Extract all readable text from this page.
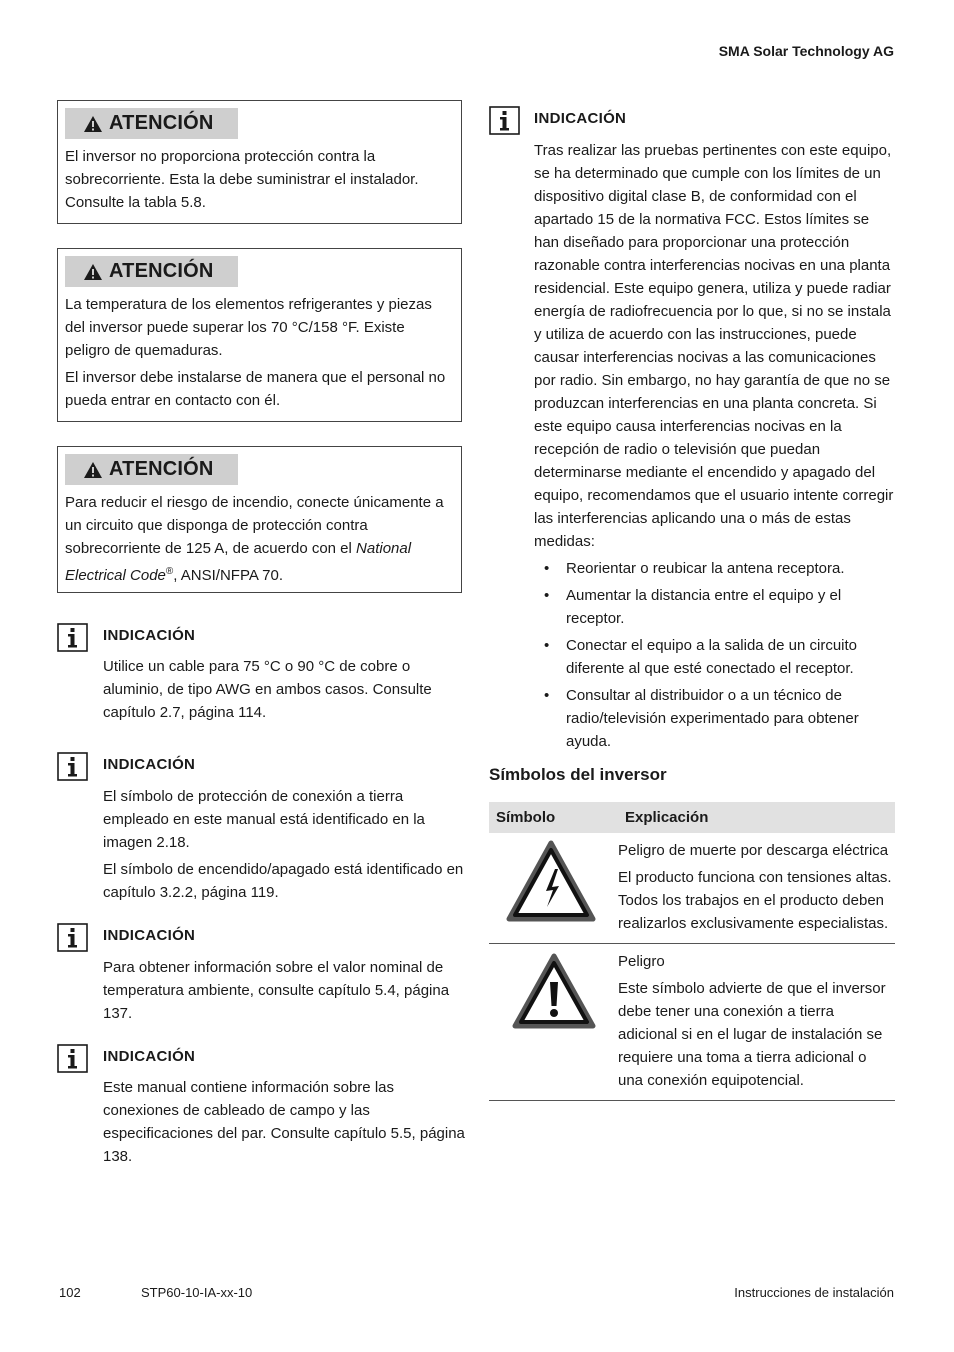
SMA Solar Technology AG
ATENCIÓN

El inversor no proporciona protección contra la sobrecorriente. Esta la debe suministrar el instalador. Consulte la tabla 5.8.

ATENCIÓN

La temperatura de los elementos refrigerantes y piezas del inversor puede superar los 70 °C/158 °F. Existe peligro de quemaduras.

El inversor debe instalarse de manera que el personal no pueda entrar en contacto con él.

ATENCIÓN

Para reducir el riesgo de incendio, conecte únicamente a un circuito que disponga de protección contra sobrecorriente de 125 A, de acuerdo con el National Electrical Code®, ANSI/NFPA 70.

INDICACIÓN

Utilice un cable para 75 °C o 90 °C de cobre o aluminio, de tipo AWG en ambos casos. Consulte capítulo 2.7, página 114.

INDICACIÓN

El símbolo de protección de conexión a tierra empleado en este manual está identificado en la imagen 2.18.

El símbolo de encendido/apagado está identificado en capítulo 3.2.2, página 119.

INDICACIÓN

Para obtener información sobre el valor nominal de temperatura ambiente, consulte capítulo 5.4, página 137.

INDICACIÓN

Este manual contiene información sobre las conexiones de cableado de campo y las especificaciones del par. Consulte capítulo 5.5, página 138.

INDICACIÓN

Tras realizar las pruebas pertinentes con este equipo, se ha determinado que cumple con los límites de un dispositivo digital clase B, de conformidad con el apartado 15 de la normativa FCC. Estos límites se han diseñado para proporcionar una protección razonable contra interferencias nocivas en una planta residencial. Este equipo genera, utiliza y puede radiar energía de radiofrecuencia por lo que, si no se instala y utiliza de acuerdo con las instrucciones, puede causar interferencias nocivas a las comunicaciones por radio. Sin embargo, no hay garantía de que no se produzcan interferencias en una planta concreta. Si este equipo causa interferencias nocivas en la recepción de radio o televisión que puedan determinarse mediante el encendido y apagado del equipo, recomendamos que el usuario intente corregir las interferencias aplicando una o más de estas medidas:

• Reorientar o reubicar la antena receptora.
• Aumentar la distancia entre el equipo y el receptor.
• Conectar el equipo a la salida de un circuito diferente al que esté conectado el receptor.
• Consultar al distribuidor o a un técnico de radio/televisión experimentado para obtener ayuda.
Símbolos del inversor
Símbolo	Explicación

Peligro de muerte por descarga eléctrica

El producto funciona con tensiones altas. Todos los trabajos en el producto deben realizarlos exclusivamente especialistas.

Peligro

Este símbolo advierte de que el inversor debe tener una conexión a tierra adicional si en el lugar de instalación se requiere una toma a tierra adicional o una conexión equipotencial.

102	STP60-10-IA-xx-10	Instrucciones de instalación
